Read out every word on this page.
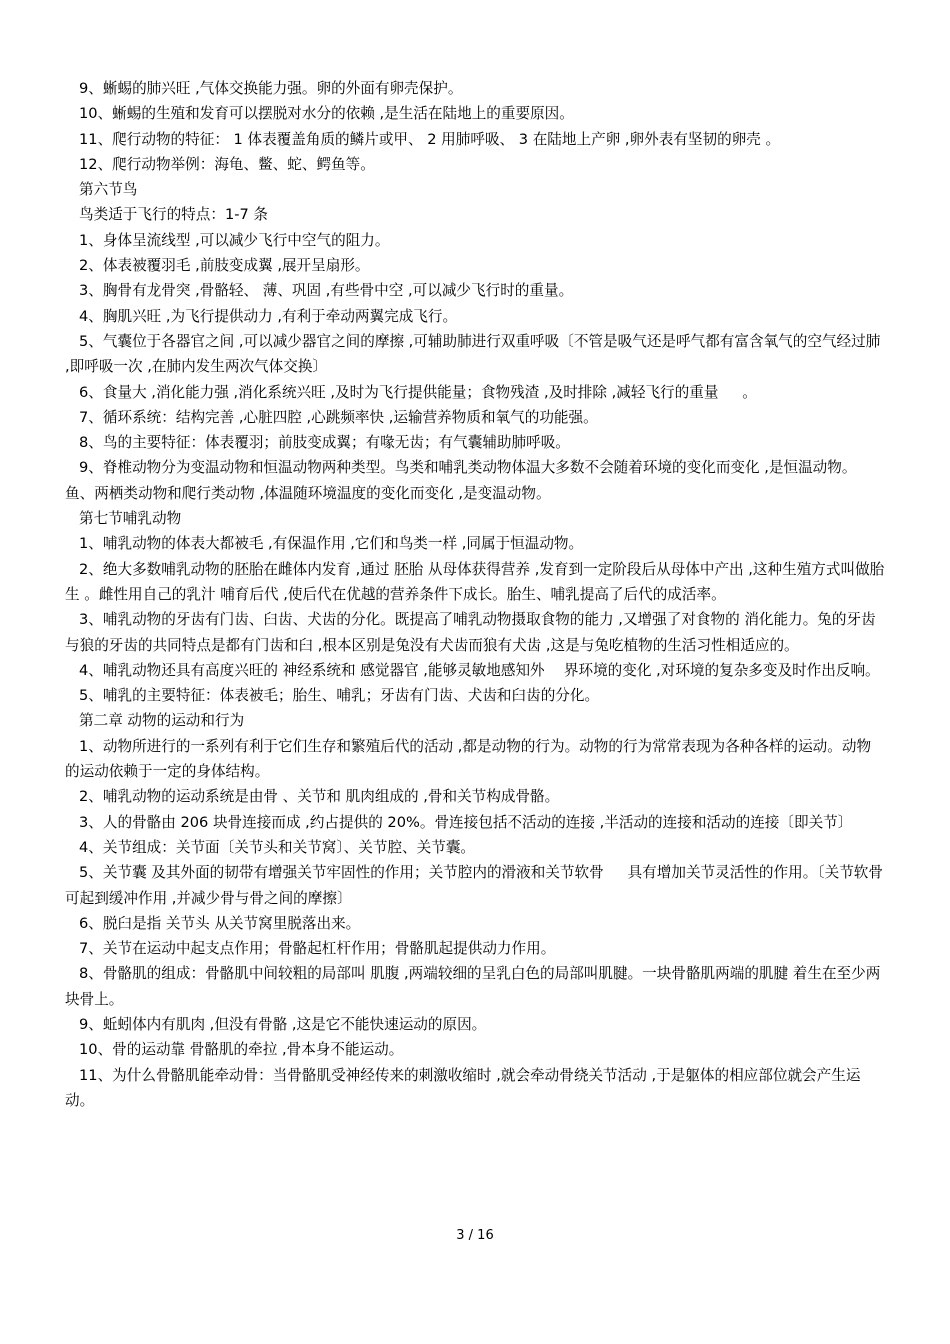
9、蜥蜴的肺兴旺 ,气体交换能力强。卵的外面有卵壳保护。

10、蜥蜴的生殖和发育可以摆脱对水分的依赖 ,是生活在陆地上的重要原因。

11、爬行动物的特征： 1 体表覆盖角质的鳞片或甲、 2 用肺呼吸、 3 在陆地上产卵 ,卵外表有坚韧的卵壳 。

12、爬行动物举例：海龟、鳖、蛇、鳄鱼等。

第六节鸟

鸟类适于飞行的特点：1-7 条

1、身体呈流线型 ,可以减少飞行中空气的阻力。

2、体表被覆羽毛 ,前肢变成翼 ,展开呈扇形。

3、胸骨有龙骨突 ,骨骼轻、 薄、巩固 ,有些骨中空 ,可以减少飞行时的重量。

4、胸肌兴旺 ,为飞行提供动力 ,有利于牵动两翼完成飞行。

5、气囊位于各器官之间 ,可以减少器官之间的摩擦 ,可辅助肺进行双重呼吸〔不管是吸气还是呼气都有富含氧气的空气经过肺 ,即呼吸一次 ,在肺内发生两次气体交换〕

6、食量大 ,消化能力强 ,消化系统兴旺 ,及时为飞行提供能量；食物残渣 ,及时排除 ,减轻飞行的重量 　 。

7、循环系统：结构完善 ,心脏四腔 ,心跳频率快 ,运输营养物质和氧气的功能强。

8、鸟的主要特征：体表覆羽；前肢变成翼；有喙无齿；有气囊辅助肺呼吸。

9、脊椎动物分为变温动物和恒温动物两种类型。鸟类和哺乳类动物体温大多数不会随着环境的变化而变化 ,是恒温动物。鱼、两栖类动物和爬行类动物 ,体温随环境温度的变化而变化 ,是变温动物。

第七节哺乳动物

1、哺乳动物的体表大都被毛 ,有保温作用 ,它们和鸟类一样 ,同属于恒温动物。

2、绝大多数哺乳动物的胚胎在雌体内发育 ,通过 胚胎 从母体获得营养 ,发育到一定阶段后从母体中产出 ,这种生殖方式叫做胎生 。雌性用自己的乳汁 哺育后代 ,使后代在优越的营养条件下成长。胎生、哺乳提高了后代的成活率。

3、哺乳动物的牙齿有门齿、臼齿、犬齿的分化。既提高了哺乳动物摄取食物的能力 ,又增强了对食物的 消化能力。兔的牙齿与狼的牙齿的共同特点是都有门齿和臼 ,根本区别是兔没有犬齿而狼有犬齿 ,这是与兔吃植物的生活习性相适应的。

4、哺乳动物还具有高度兴旺的 神经系统和 感觉器官 ,能够灵敏地感知外 　界环境的变化 ,对环境的复杂多变及时作出反响。

5、哺乳的主要特征：体表被毛；胎生、哺乳；牙齿有门齿、犬齿和臼齿的分化。

第二章 动物的运动和行为

1、动物所进行的一系列有利于它们生存和繁殖后代的活动 ,都是动物的行为。动物的行为常常表现为各种各样的运动。动物的运动依赖于一定的身体结构。

2、哺乳动物的运动系统是由骨 、关节和 肌肉组成的 ,骨和关节构成骨骼。

3、人的骨骼由 206 块骨连接而成 ,约占提供的 20%。骨连接包括不活动的连接 ,半活动的连接和活动的连接〔即关节〕

4、关节组成：关节面〔关节头和关节窝〕、关节腔、关节囊。

5、关节囊 及其外面的韧带有增强关节牢固性的作用；关节腔内的滑液和关节软骨 　 具有增加关节灵活性的作用。〔关节软骨可起到缓冲作用 ,并减少骨与骨之间的摩擦〕

6、脱臼是指 关节头 从关节窝里脱落出来。

7、关节在运动中起支点作用；骨骼起杠杆作用；骨骼肌起提供动力作用。

8、骨骼肌的组成：骨骼肌中间较粗的局部叫 肌腹 ,两端较细的呈乳白色的局部叫肌腱。一块骨骼肌两端的肌腱 着生在至少两块骨上。

9、蚯蚓体内有肌肉 ,但没有骨骼 ,这是它不能快速运动的原因。

10、骨的运动靠 骨骼肌的牵拉 ,骨本身不能运动。

11、为什么骨骼肌能牵动骨：当骨骼肌受神经传来的刺激收缩时 ,就会牵动骨绕关节活动 ,于是躯体的相应部位就会产生运动。

3 / 16
